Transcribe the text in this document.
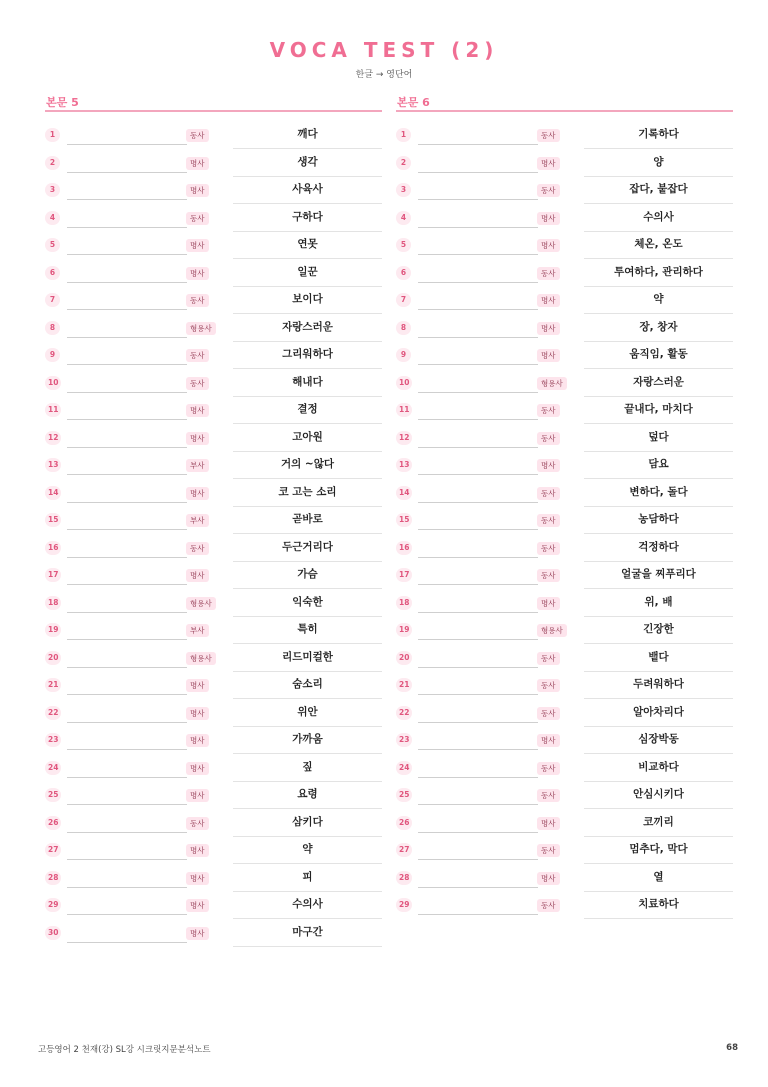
VOCA TEST (2)
한글 → 영단어
본문 5
1	동사	깨다
2	명사	생각
3	명사	사육사
4	동사	구하다
5	명사	연못
6	명사	일꾼
7	동사	보이다
8	형용사	자랑스러운
9	동사	그리워하다
10	동사	해내다
11	명사	결정
12	명사	고아원
13	부사	거의 ~않다
14	명사	코 고는 소리
15	부사	곧바로
16	동사	두근거리다
17	명사	가슴
18	형용사	익숙한
19	부사	특히
20	형용사	리드미컬한
21	명사	숨소리
22	명사	위안
23	명사	가까움
24	명사	짚
25	명사	요령
26	동사	삼키다
27	명사	약
28	명사	피
29	명사	수의사
30	명사	마구간
본문 6
1	동사	기록하다
2	명사	양
3	동사	잡다, 붙잡다
4	명사	수의사
5	명사	체온, 온도
6	동사	투여하다, 관리하다
7	명사	약
8	명사	장, 창자
9	명사	움직임, 활동
10	형용사	자랑스러운
11	동사	끝내다, 마치다
12	동사	덮다
13	명사	담요
14	동사	변하다, 돌다
15	동사	농담하다
16	동사	걱정하다
17	동사	얼굴을 찌푸리다
18	명사	위, 배
19	형용사	긴장한
20	동사	뱉다
21	동사	두려워하다
22	동사	알아차리다
23	명사	심장박동
24	동사	비교하다
25	동사	안심시키다
26	명사	코끼리
27	동사	멈추다, 막다
28	명사	열
29	동사	치료하다
고등영어 2 천재(강) SL강 시크릿지문분석노트	68
